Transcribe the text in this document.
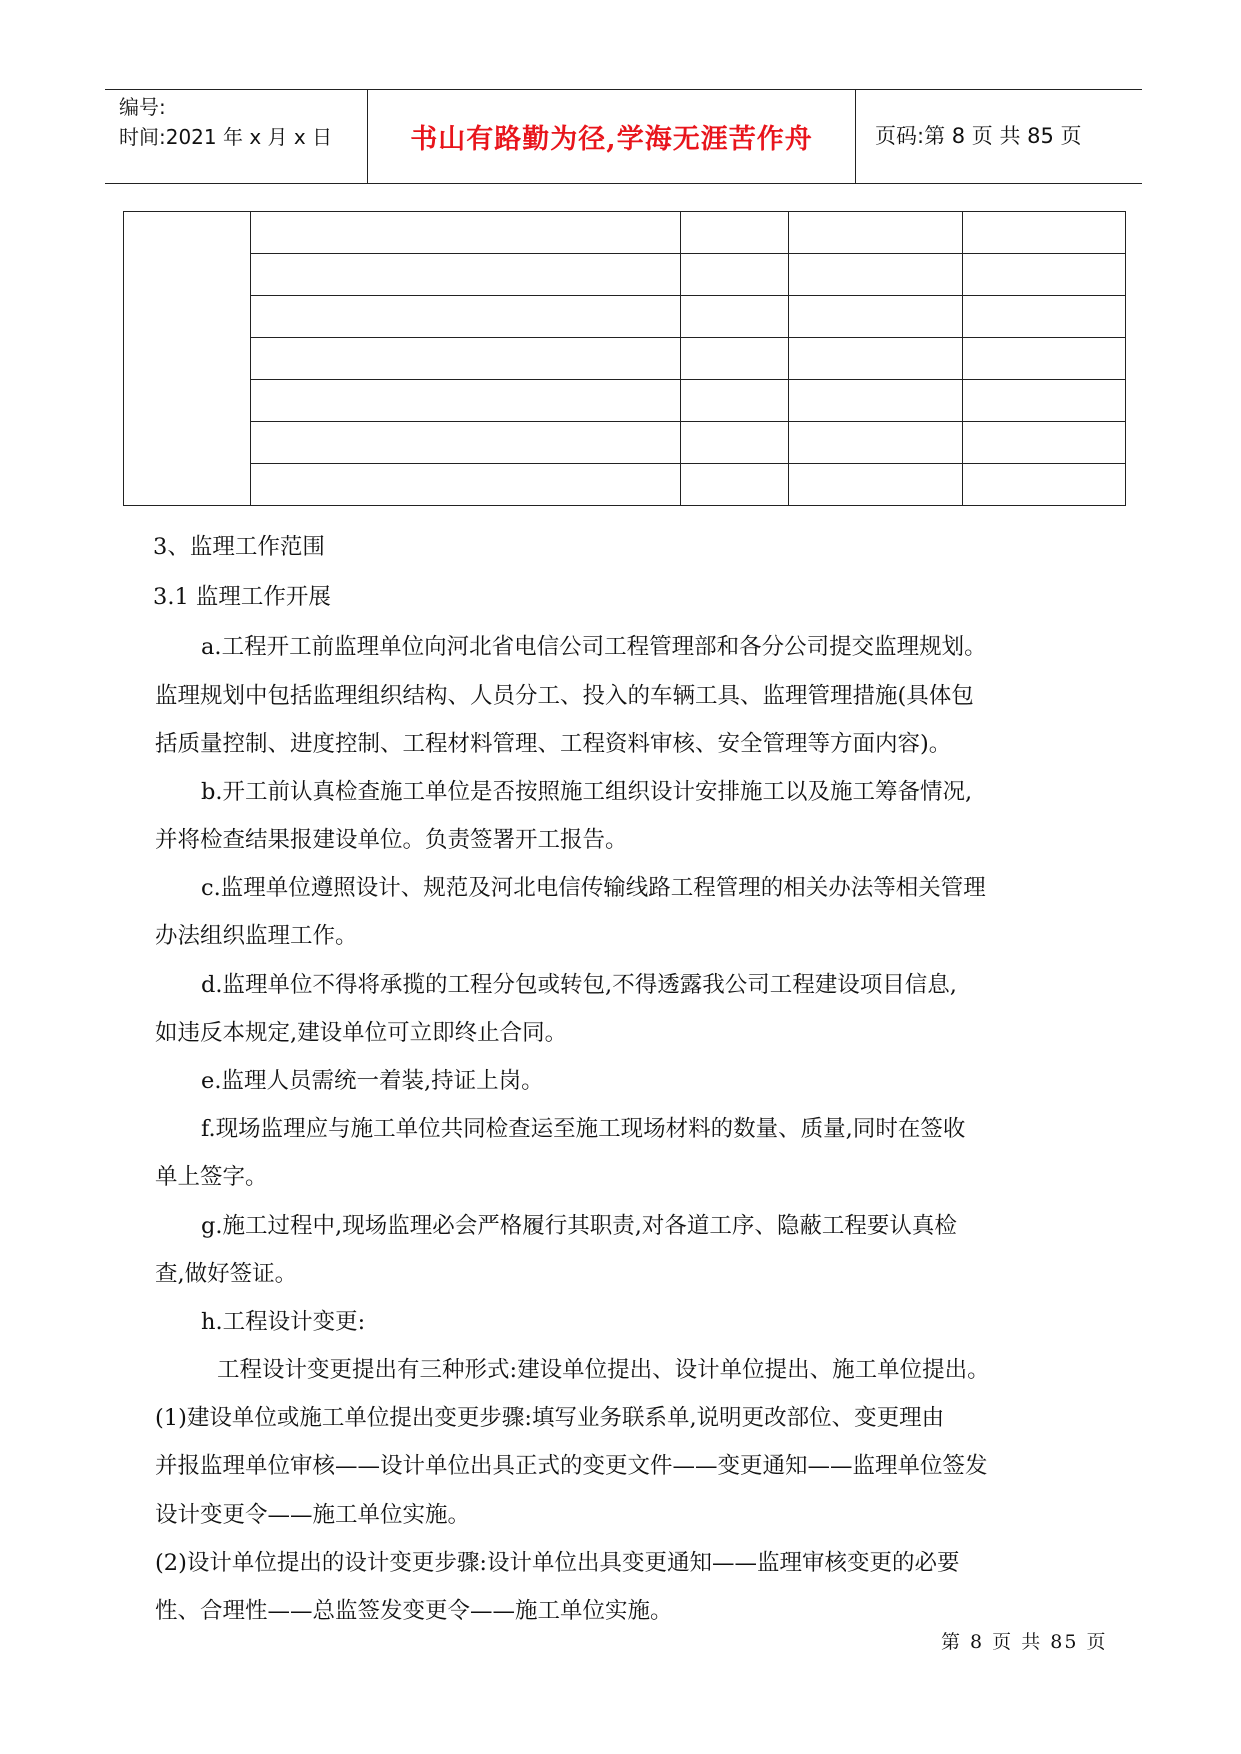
编号:
时间:2021 年 x 月 x 日	书山有路勤为径,学海无涯苦作舟	页码:第 8 页 共 85 页

3、监理工作范围
3.1 监理工作开展
a.工程开工前监理单位向河北省电信公司工程管理部和各分公司提交监理规划。
监理规划中包括监理组织结构、人员分工、投入的车辆工具、监理管理措施(具体包
括质量控制、进度控制、工程材料管理、工程资料审核、安全管理等方面内容)。
b.开工前认真检查施工单位是否按照施工组织设计安排施工以及施工筹备情况,
并将检查结果报建设单位。负责签署开工报告。
c.监理单位遵照设计、规范及河北电信传输线路工程管理的相关办法等相关管理
办法组织监理工作。
d.监理单位不得将承揽的工程分包或转包,不得透露我公司工程建设项目信息,
如违反本规定,建设单位可立即终止合同。
e.监理人员需统一着装,持证上岗。
f.现场监理应与施工单位共同检查运至施工现场材料的数量、质量,同时在签收
单上签字。
g.施工过程中,现场监理必会严格履行其职责,对各道工序、隐蔽工程要认真检
查,做好签证。
h.工程设计变更:
工程设计变更提出有三种形式:建设单位提出、设计单位提出、施工单位提出。
(1)建设单位或施工单位提出变更步骤:填写业务联系单,说明更改部位、变更理由
并报监理单位审核——设计单位出具正式的变更文件——变更通知——监理单位签发
设计变更令——施工单位实施。
(2)设计单位提出的设计变更步骤:设计单位出具变更通知——监理审核变更的必要
性、合理性——总监签发变更令——施工单位实施。
第 8 页 共 85 页
